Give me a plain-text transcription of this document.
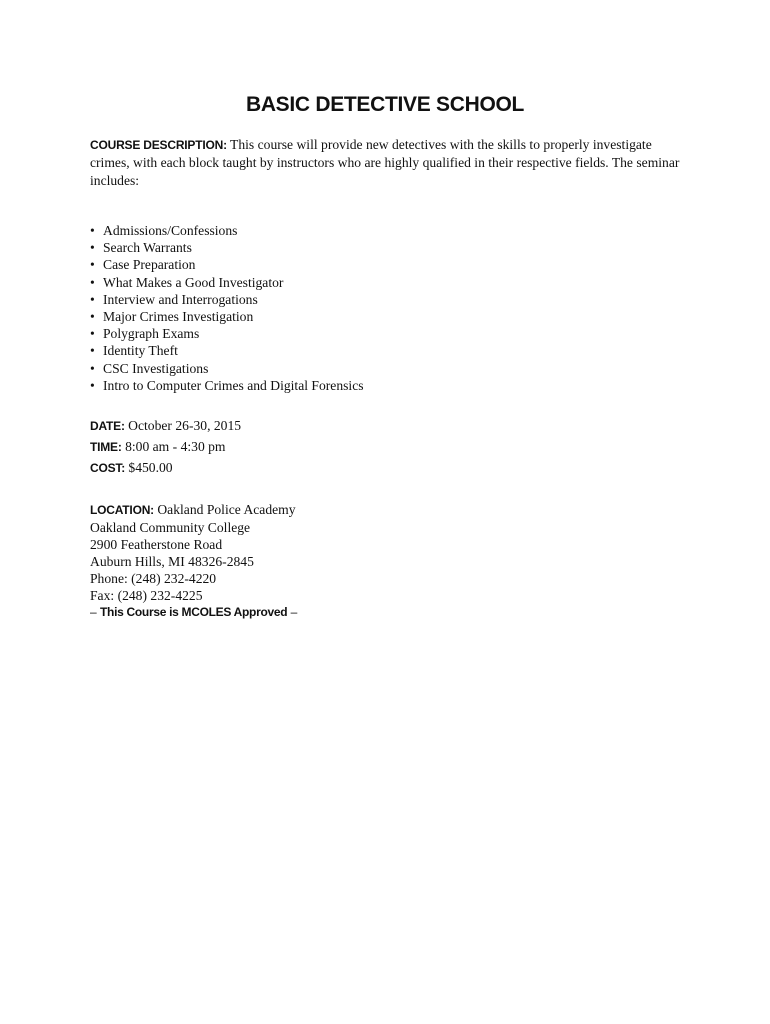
BASIC DETECTIVE SCHOOL

COURSE DESCRIPTION: This course will provide new detectives with the skills to properly investigate crimes, with each block taught by instructors who are highly qualified in their respective fields. The seminar includes:

• Admissions/Confessions
• Search Warrants
• Case Preparation
• What Makes a Good Investigator
• Interview and Interrogations
• Major Crimes Investigation
• Polygraph Exams
• Identity Theft
• CSC Investigations
• Intro to Computer Crimes and Digital Forensics

DATE: October 26-30, 2015

TIME: 8:00 am - 4:30 pm

COST: $450.00

LOCATION: Oakland Police Academy
Oakland Community College
2900 Featherstone Road
Auburn Hills, MI 48326-2845
Phone: (248) 232-4220
Fax: (248) 232-4225
– This Course is MCOLES Approved –
